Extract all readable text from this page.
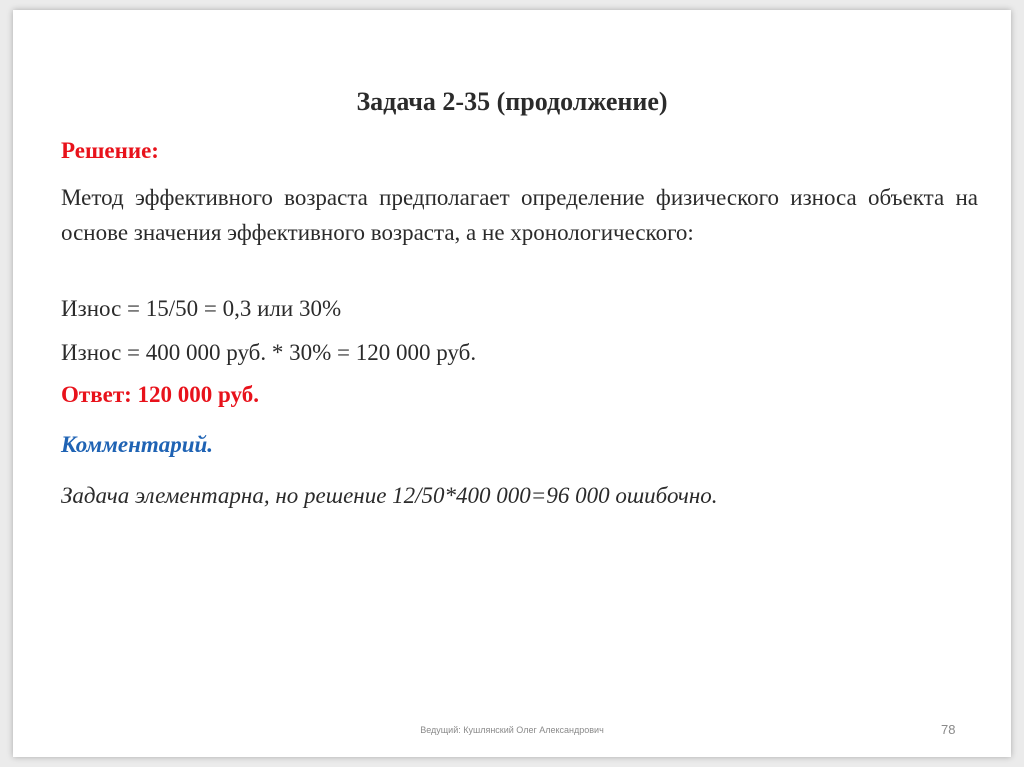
Задача 2-35 (продолжение)
Решение:
Метод эффективного возраста предполагает определение физического износа объекта на основе значения эффективного возраста, а не хронологического:
Износ = 15/50 = 0,3 или 30%
Износ = 400 000 руб. * 30% = 120 000 руб.
Ответ: 120 000 руб.
Комментарий.
Задача элементарна, но решение 12/50*400 000=96 000 ошибочно.
Ведущий: Кушлянский Олег Александрович	78
